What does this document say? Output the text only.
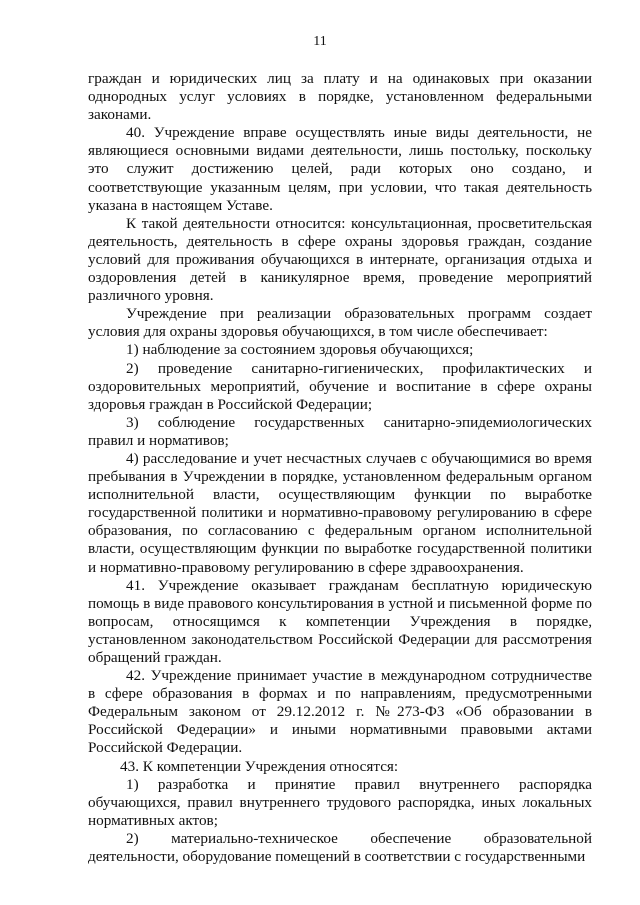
11

граждан и юридических лиц за плату и на одинаковых при оказании однородных услуг условиях в порядке, установленном федеральными законами.

40. Учреждение вправе осуществлять иные виды деятельности, не являющиеся основными видами деятельности, лишь постольку, поскольку это служит достижению целей, ради которых оно создано, и соответствующие указанным целям, при условии, что такая деятельность указана в настоящем Уставе.

К такой деятельности относится: консультационная, просветительская деятельность, деятельность в сфере охраны здоровья граждан, создание условий для проживания обучающихся в интернате, организация отдыха и оздоровления детей в каникулярное время, проведение мероприятий различного уровня.

Учреждение при реализации образовательных программ создает условия для охраны здоровья обучающихся, в том числе обеспечивает:

1) наблюдение за состоянием здоровья обучающихся;

2) проведение санитарно-гигиенических, профилактических и оздоровительных мероприятий, обучение и воспитание в сфере охраны здоровья граждан в Российской Федерации;

3) соблюдение государственных санитарно-эпидемиологических правил и нормативов;

4) расследование и учет несчастных случаев с обучающимися во время пребывания в Учреждении в порядке, установленном федеральным органом исполнительной власти, осуществляющим функции по выработке государственной политики и нормативно-правовому регулированию в сфере образования, по согласованию с федеральным органом исполнительной власти, осуществляющим функции по выработке государственной политики и нормативно-правовому регулированию в сфере здравоохранения.

41. Учреждение оказывает гражданам бесплатную юридическую помощь в виде правового консультирования в устной и письменной форме по вопросам, относящимся к компетенции Учреждения в порядке, установленном законодательством Российской Федерации для рассмотрения обращений граждан.

42. Учреждение принимает участие в международном сотрудничестве в сфере образования в формах и по направлениям, предусмотренными Федеральным законом от 29.12.2012 г. №273-ФЗ «Об образовании в Российской Федерации» и иными нормативными правовыми актами Российской Федерации.

43. К компетенции Учреждения относятся:

1) разработка и принятие правил внутреннего распорядка обучающихся, правил внутреннего трудового распорядка, иных локальных нормативных актов;

2) материально-техническое обеспечение образовательной деятельности, оборудование помещений в соответствии с государственными
